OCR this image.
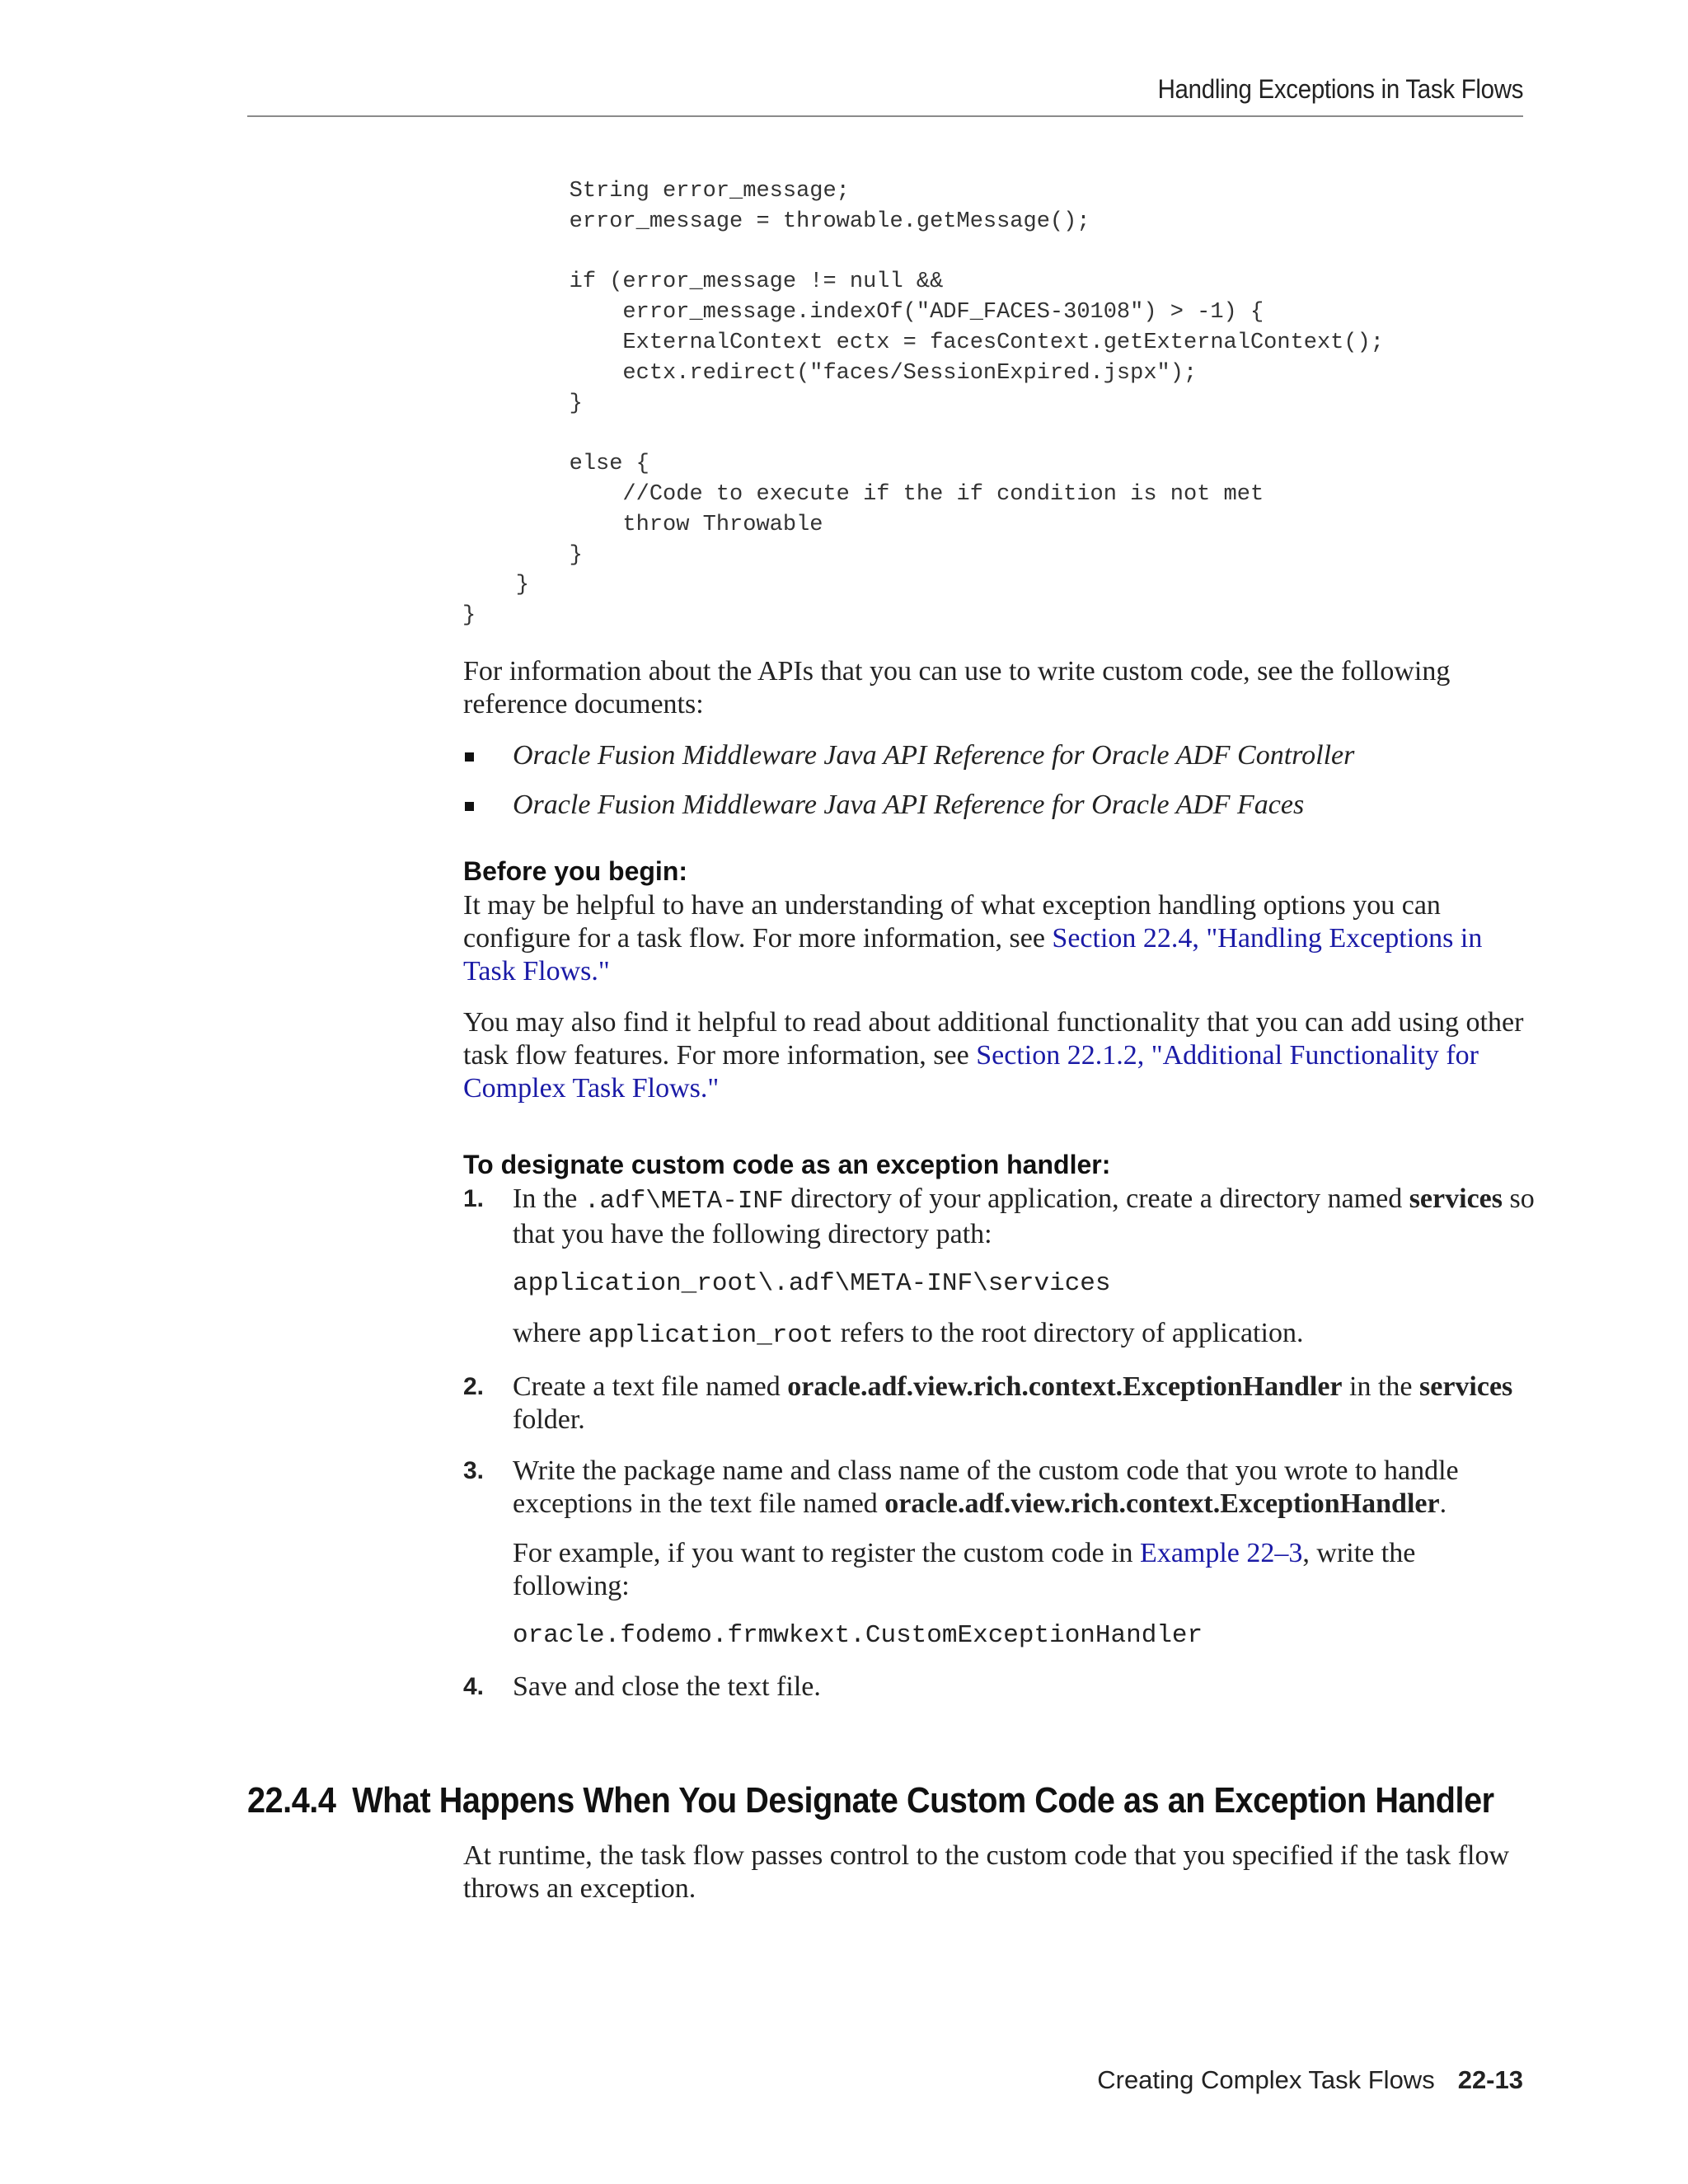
Handling Exceptions in Task Flows
String error_message;
error_message = throwable.getMessage();

if (error_message != null &&
error_message.indexOf("ADF_FACES-30108") > -1) {
ExternalContext ectx = facesContext.getExternalContext();
ectx.redirect("faces/SessionExpired.jspx");
}

else {
//Code to execute if the if condition is not met
throw Throwable
}
}
}

For information about the APIs that you can use to write custom code, see the following reference documents:

Oracle Fusion Middleware Java API Reference for Oracle ADF Controller
Oracle Fusion Middleware Java API Reference for Oracle ADF Faces
Before you begin:

It may be helpful to have an understanding of what exception handling options you can configure for a task flow. For more information, see Section 22.4, "Handling Exceptions in Task Flows."

You may also find it helpful to read about additional functionality that you can add using other task flow features. For more information, see Section 22.1.2, "Additional Functionality for Complex Task Flows."

To designate custom code as an exception handler:
1. In the .adf\META-INF directory of your application, create a directory named services so that you have the following directory path:

application_root\.adf\META-INF\services

where application_root refers to the root directory of application.

2. Create a text file named oracle.adf.view.rich.context.ExceptionHandler in the services folder.

3. Write the package name and class name of the custom code that you wrote to handle exceptions in the text file named oracle.adf.view.rich.context.ExceptionHandler.

For example, if you want to register the custom code in Example 22–3, write the following:

oracle.fodemo.frmwkext.CustomExceptionHandler
4. Save and close the text file.

22.4.4 What Happens When You Designate Custom Code as an Exception Handler

At runtime, the task flow passes control to the custom code that you specified if the task flow throws an exception.

Creating Complex Task Flows 22-13
